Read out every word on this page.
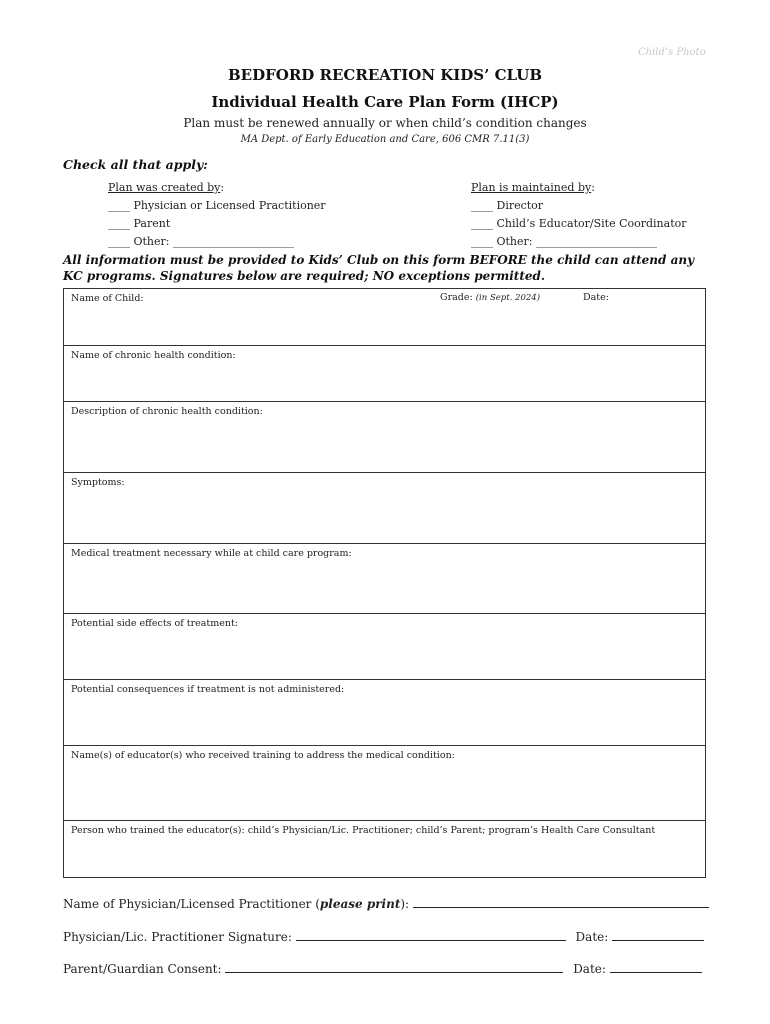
Child’s Photo
BEDFORD RECREATION KIDS’ CLUB
Individual Health Care Plan Form (IHCP)
Plan must be renewed annually or when child’s condition changes
MA Dept. of Early Education and Care, 606 CMR 7.11(3)
Check all that apply:
Plan was created by:
____ Physician or Licensed Practitioner
____ Parent
____ Other: ______________________
Plan is maintained by:
____ Director
____ Child’s Educator/Site Coordinator
____ Other: ______________________
All information must be provided to Kids’ Club on this form BEFORE the child can attend any KC programs. Signatures below are required; NO exceptions permitted.
Name of Child:	Grade: (in Sept. 2024)	Date:
Name of chronic health condition:
Description of chronic health condition:
Symptoms:
Medical treatment necessary while at child care program:
Potential side effects of treatment:
Potential consequences if treatment is not administered:
Name(s) of educator(s) who received training to address the medical condition:
Person who trained the educator(s): child’s Physician/Lic. Practitioner; child’s Parent; program’s Health Care Consultant
Name of Physician/Licensed Practitioner (please print):
Physician/Lic. Practitioner Signature:	Date:
Parent/Guardian Consent:	Date:
